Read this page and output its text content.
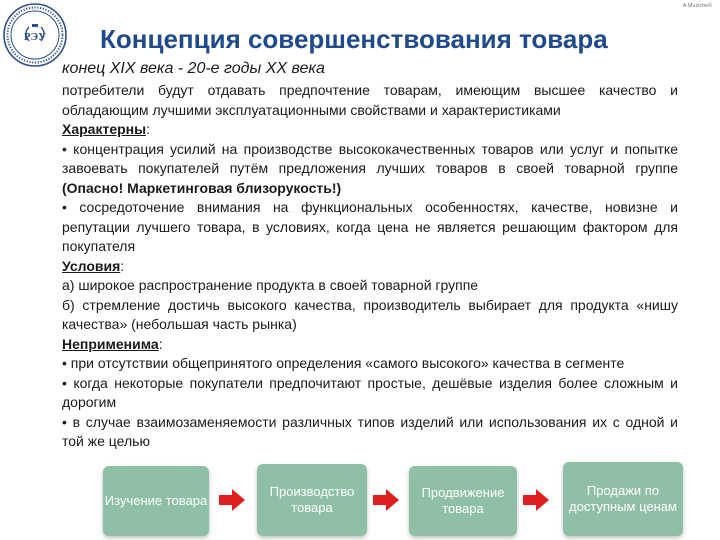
РЭУ
A.Muziche©
Концепция совершенствования товара
конец XIX века - 20-е годы XX века

потребители будут отдавать предпочтение товарам, имеющим высшее качество и обладающим лучшими эксплуатационными свойствами и характеристиками

Характерны:

• концентрация усилий на производстве высококачественных товаров или услуг и попытке завоевать покупателей путём предложения лучших товаров в своей товарной группе (Опасно! Маркетинговая близорукость!)

• сосредоточение внимания на функциональных особенностях, качестве, новизне и репутации лучшего товара, в условиях, когда цена не является решающим фактором для покупателя

Условия:

а) широкое распространение продукта в своей товарной группе

б) стремление достичь высокого качества, производитель выбирает для продукта «нишу качества» (небольшая часть рынка)

Неприменима:

• при отсутствии общепринятого определения «самого высокого» качества в сегменте

• когда некоторые покупатели предпочитают простые, дешёвые изделия более сложным и дорогим

• в случае взаимозаменяемости различных типов изделий или использования их с одной и той же целью

Изучение товара
Производство товара
Продвижение товара
Продажи по доступным ценам
